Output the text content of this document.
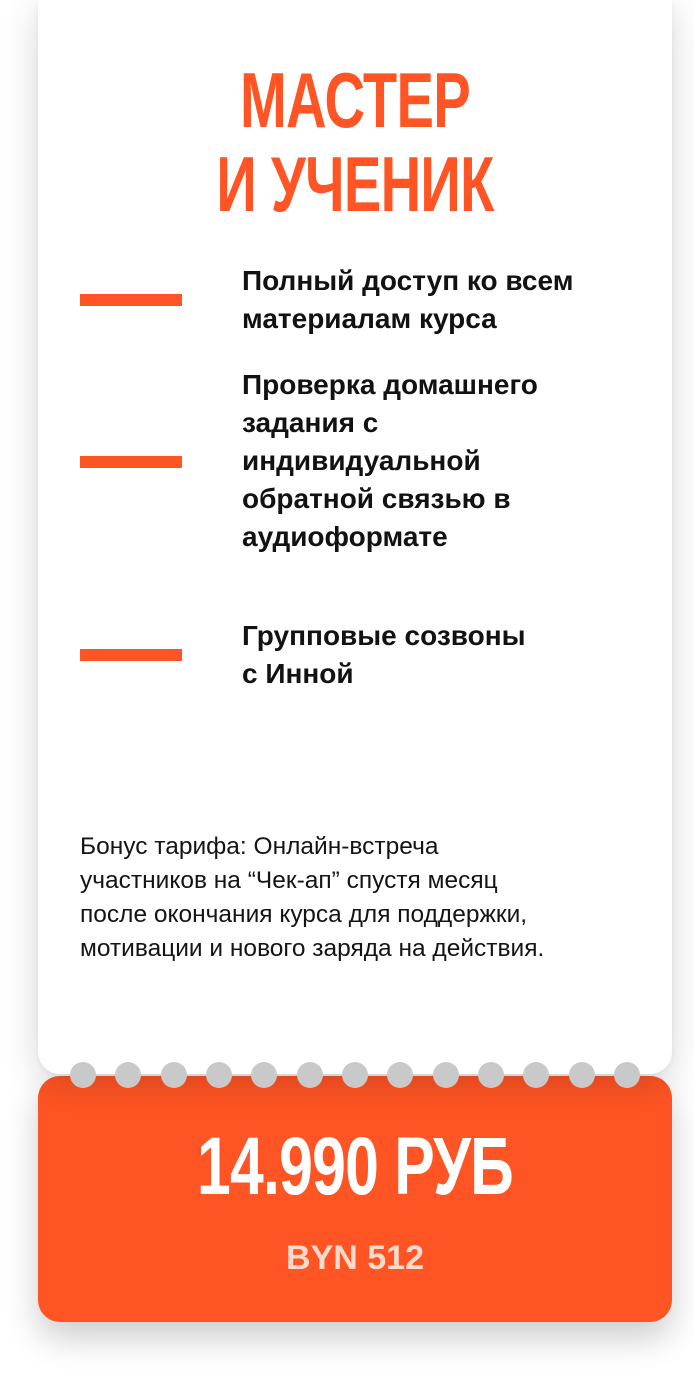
МАСТЕР
И УЧЕНИК

Полный доступ ко всем
материалам курса

Проверка домашнего
задания с
индивидуальной
обратной связью в
аудиоформате

Групповые созвоны
с Инной

Бонус тарифа: Онлайн-встреча
участников на “Чек-ап” спустя месяц
после окончания курса для поддержки,
мотивации и нового заряда на действия.

14.990 РУБ

BYN 512
